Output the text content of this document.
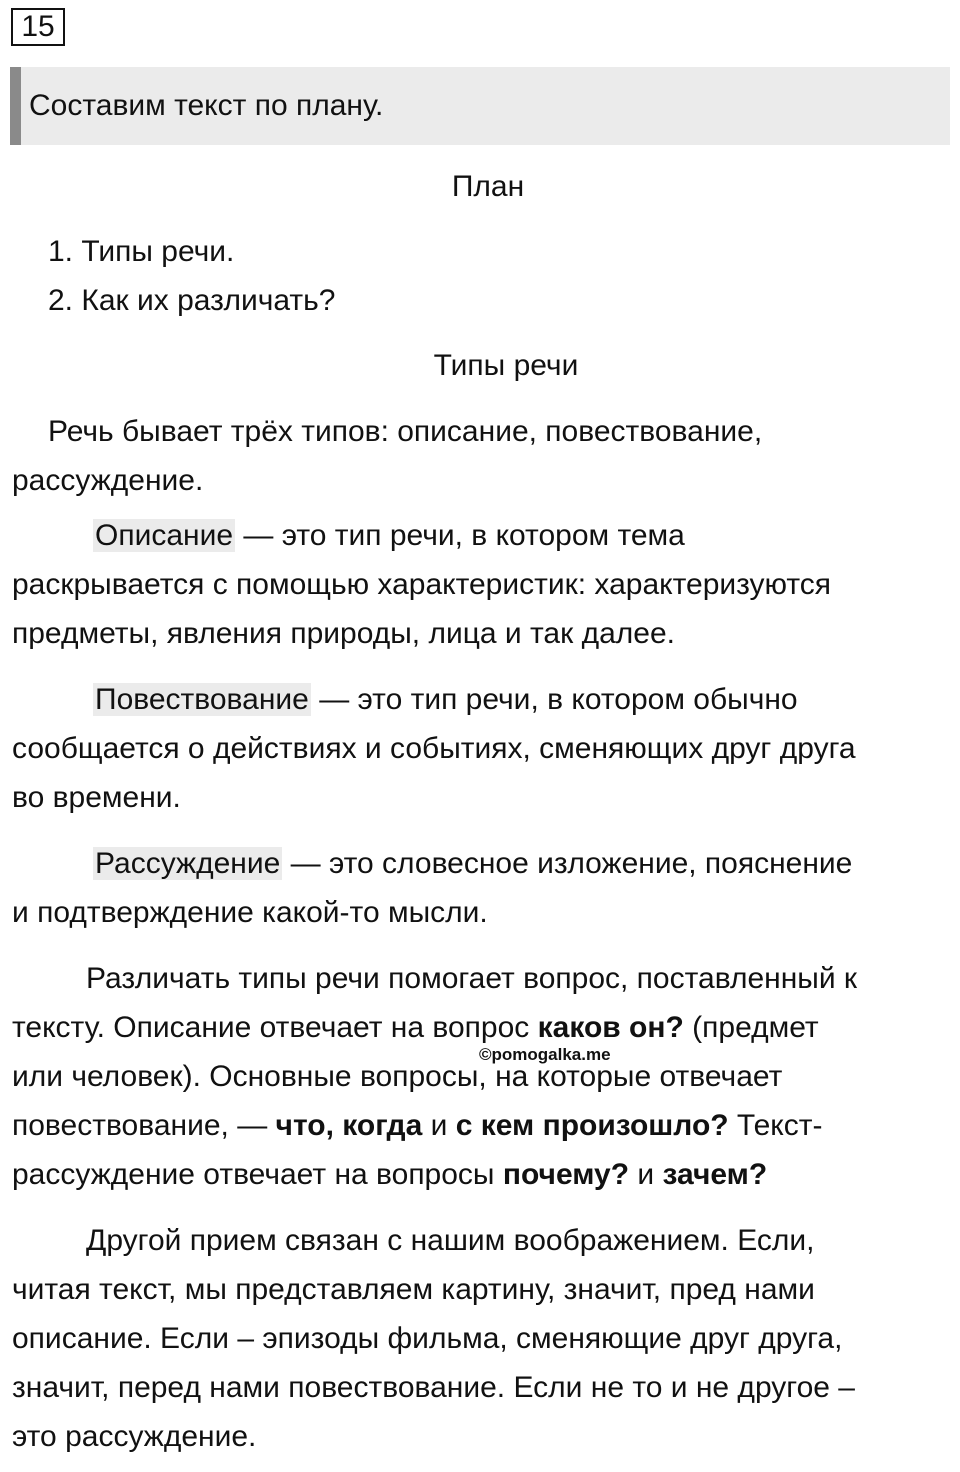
15
Составим текст по плану.
План
1. Типы речи.
2. Как их различать?
Типы речи
Речь бывает трёх типов: описание, повествование,
рассуждение.
Описание — это тип речи, в котором тема
раскрывается с помощью характеристик: характеризуются
предметы, явления природы, лица и так далее.
Повествование — это тип речи, в котором обычно
сообщается о действиях и событиях, сменяющих друг друга
во времени.
Рассуждение — это словесное изложение, пояснение
и подтверждение какой-то мысли.
Различать типы речи помогает вопрос, поставленный к
тексту. Описание отвечает на вопрос каков он? (предмет
или человек). Основные вопросы, на которые отвечает
повествование, — что, когда и с кем произошло? Текст-
рассуждение отвечает на вопросы почему? и зачем?
©pomogalka.me
Другой прием связан с нашим воображением. Если,
читая текст, мы представляем картину, значит, пред нами
описание. Если – эпизоды фильма, сменяющие друг друга,
значит, перед нами повествование. Если не то и не другое –
это рассуждение.
